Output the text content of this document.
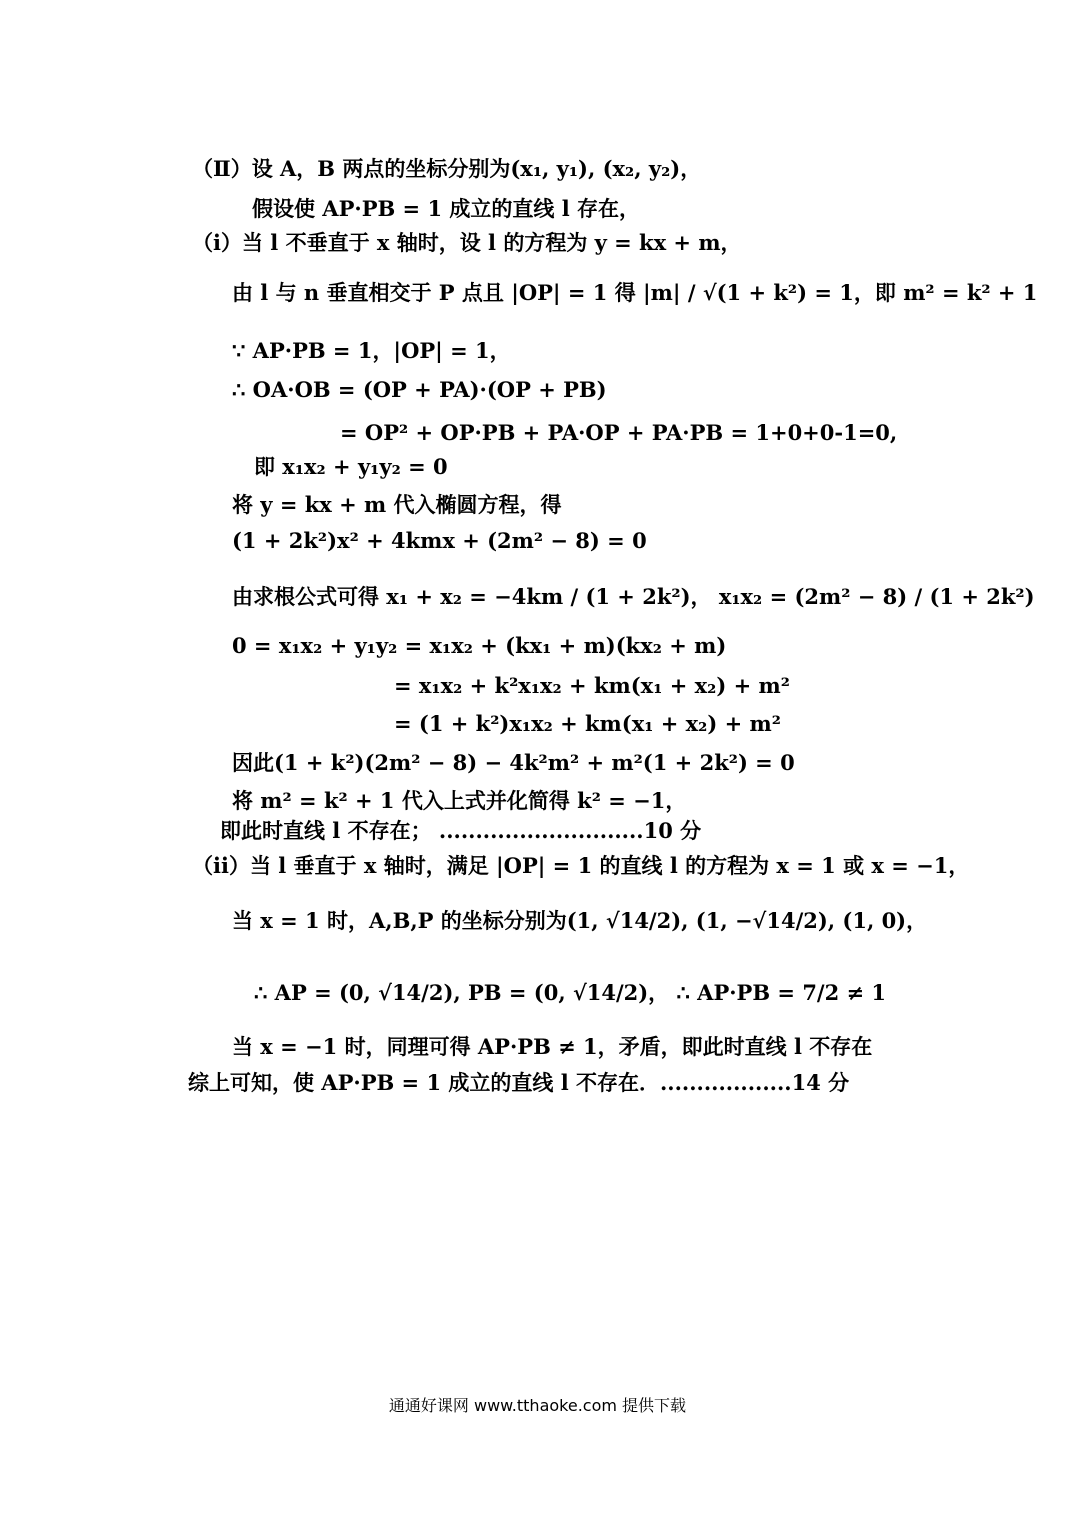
（Ⅱ）设 A，B 两点的坐标分别为(x₁, y₁), (x₂, y₂)，
假设使 AP·PB = 1 成立的直线 l 存在，
（ⅰ）当 l 不垂直于 x 轴时，设 l 的方程为 y = kx + m，
由 l 与 n 垂直相交于 P 点且 |OP| = 1 得 |m| / √(1 + k²) = 1，即 m² = k² + 1
∵ AP·PB = 1，|OP| = 1，
∴ OA·OB = (OP + PA)·(OP + PB)
= OP² + OP·PB + PA·OP + PA·PB = 1+0+0-1=0,
即 x₁x₂ + y₁y₂ = 0
将 y = kx + m 代入椭圆方程，得
(1 + 2k²)x² + 4kmx + (2m² − 8) = 0
由求根公式可得 x₁ + x₂ = −4km / (1 + 2k²)， x₁x₂ = (2m² − 8) / (1 + 2k²)
0 = x₁x₂ + y₁y₂ = x₁x₂ + (kx₁ + m)(kx₂ + m)
= x₁x₂ + k²x₁x₂ + km(x₁ + x₂) + m²
= (1 + k²)x₁x₂ + km(x₁ + x₂) + m²
因此(1 + k²)(2m² − 8) − 4k²m² + m²(1 + 2k²) = 0
将 m² = k² + 1 代入上式并化简得 k² = −1，
即此时直线 l 不存在； ............................10 分
（ⅱ）当 l 垂直于 x 轴时，满足 |OP| = 1 的直线 l 的方程为 x = 1 或 x = −1，
当 x = 1 时，A,B,P 的坐标分别为(1, √14/2), (1, −√14/2), (1, 0)，
∴ AP = (0, √14/2), PB = (0, √14/2)， ∴ AP·PB = 7/2 ≠ 1
当 x = −1 时，同理可得 AP·PB ≠ 1，矛盾，即此时直线 l 不存在
综上可知，使 AP·PB = 1 成立的直线 l 不存在．..................14 分
通通好课网 www.tthaoke.com 提供下载
